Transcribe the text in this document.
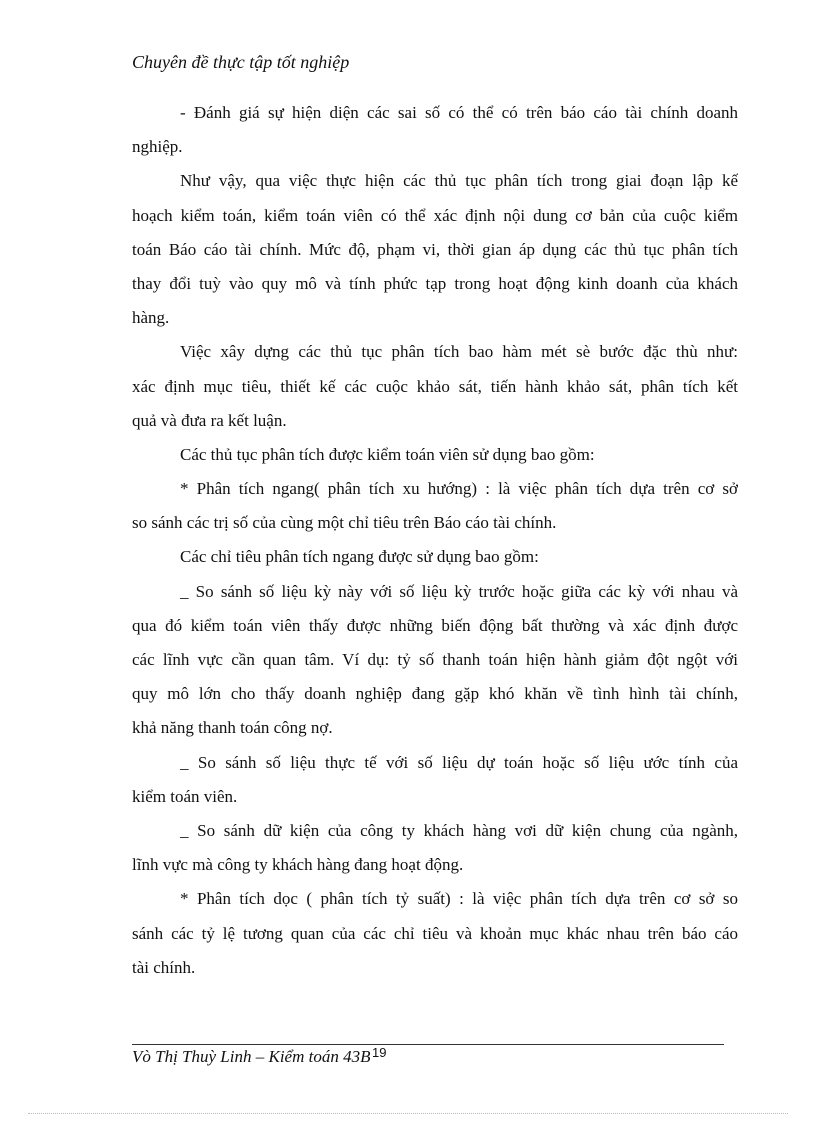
Chuyên đề thực tập tốt nghiệp
- Đánh giá sự hiện diện các sai số có thể có trên báo cáo tài chính doanh
nghiệp.
Như vậy, qua việc thực hiện các thủ tục phân tích trong giai đoạn lập kế
hoạch kiểm toán, kiểm toán viên có thể xác định nội dung cơ bản của cuộc kiểm
toán Báo cáo tài chính. Mức độ, phạm vi, thời gian áp dụng các thủ tục phân tích
thay đổi tuỳ vào quy mô và tính phức tạp trong hoạt động kinh doanh của khách
hàng.
Việc xây dựng các thủ tục phân tích bao hàm mét sè bước đặc thù như:
xác định mục tiêu, thiết kế các cuộc khảo sát, tiến hành khảo sát, phân tích kết
quả và đưa ra kết luận.
Các thủ tục phân tích được kiểm toán viên sử dụng bao gồm:
* Phân tích ngang( phân tích xu hướng) : là việc phân tích dựa trên cơ sở
so sánh các trị số của cùng một chỉ tiêu trên Báo cáo tài chính.
Các chỉ tiêu phân tích ngang được sử dụng bao gồm:
_ So sánh số liệu kỳ này với số liệu kỳ trước hoặc giữa các kỳ với nhau và
qua đó kiểm toán viên thấy được những biến động bất thường và xác định được
các lĩnh vực cần quan tâm. Ví dụ: tỷ số thanh toán hiện hành giảm đột ngột với
quy mô lớn cho thấy doanh nghiệp đang gặp khó khăn về tình hình tài chính,
khả năng thanh toán công nợ.
_ So sánh số liệu thực tế với số liệu dự toán hoặc số liệu ước tính của
kiểm toán viên.
_ So sánh dữ kiện của công ty khách hàng vơi dữ kiện chung của ngành,
lĩnh vực mà công ty khách hàng đang hoạt động.
* Phân tích dọc ( phân tích tỷ suất) : là việc phân tích dựa trên cơ sở so
sánh các tỷ lệ tương quan của các chỉ tiêu và khoản mục khác nhau trên báo cáo
tài chính.
Vò Thị Thuỳ Linh – Kiểm toán 43B 19
